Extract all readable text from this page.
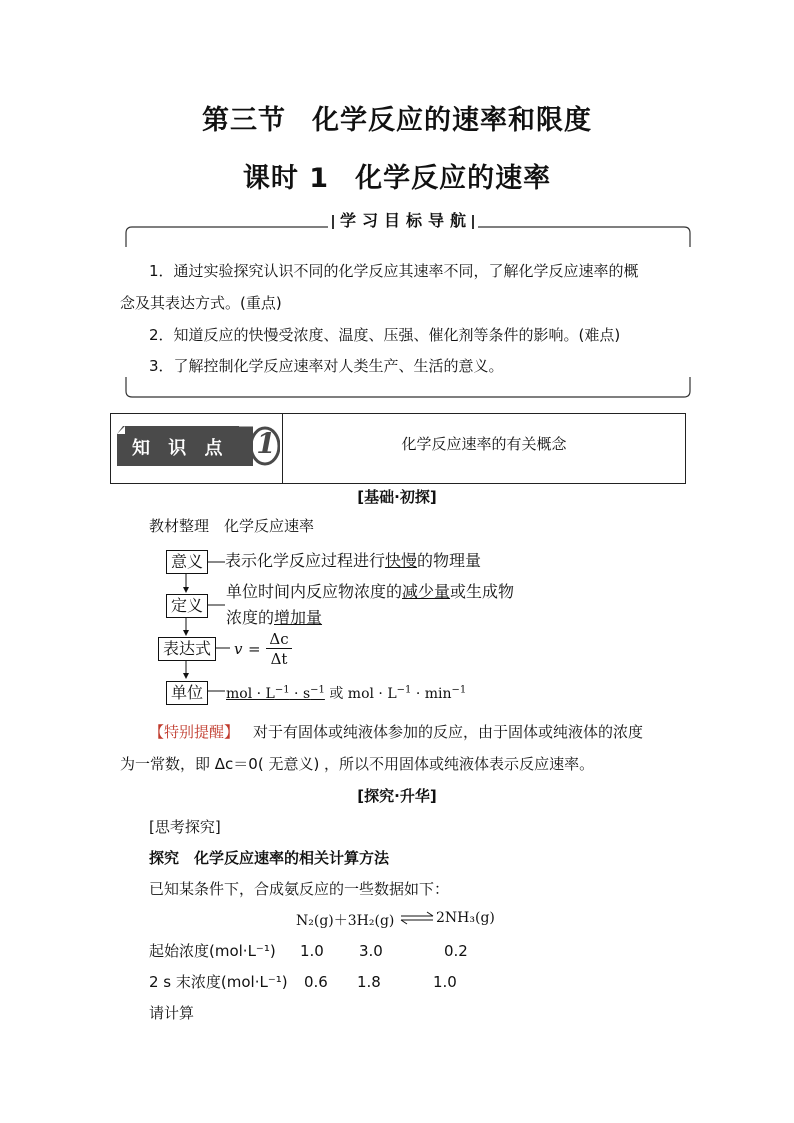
第三节 化学反应的速率和限度
课时 1 化学反应的速率
学习目标导航
1．通过实验探究认识不同的化学反应其速率不同，了解化学反应速率的概
念及其表达方式。(重点)
2．知道反应的快慢受浓度、温度、压强、催化剂等条件的影响。(难点)
3．了解控制化学反应速率对人类生产、生活的意义。
知 识 点 1	化学反应速率的有关概念
[基础·初探]
教材整理　化学反应速率
意义	表示化学反应过程进行快慢的物理量
定义
单位时间内反应物浓度的减少量或生成物
浓度的增加量
表达式	v =
Δc
Δt
单位	mol · $L^{-1} \cdot s^{-1}$ 或 mol · $L^{-1} \cdot \min^{-1}$
【特别提醒】 对于有固体或纯液体参加的反应，由于固体或纯液体的浓度
为一常数，即 Δc＝0( 无意义) ，所以不用固体或纯液体表示反应速率。
[探究·升华]
[思考探究]
探究　化学反应速率的相关计算方法
已知某条件下，合成氨反应的一些数据如下：
N₂(g)＋3H₂(g) ⇌ 2NH₃(g)
起始浓度(mol·L⁻¹) 1.0 3.0	0.2
2 s 末浓度(mol·L⁻¹) 0.6 1.8	1.0
请计算
